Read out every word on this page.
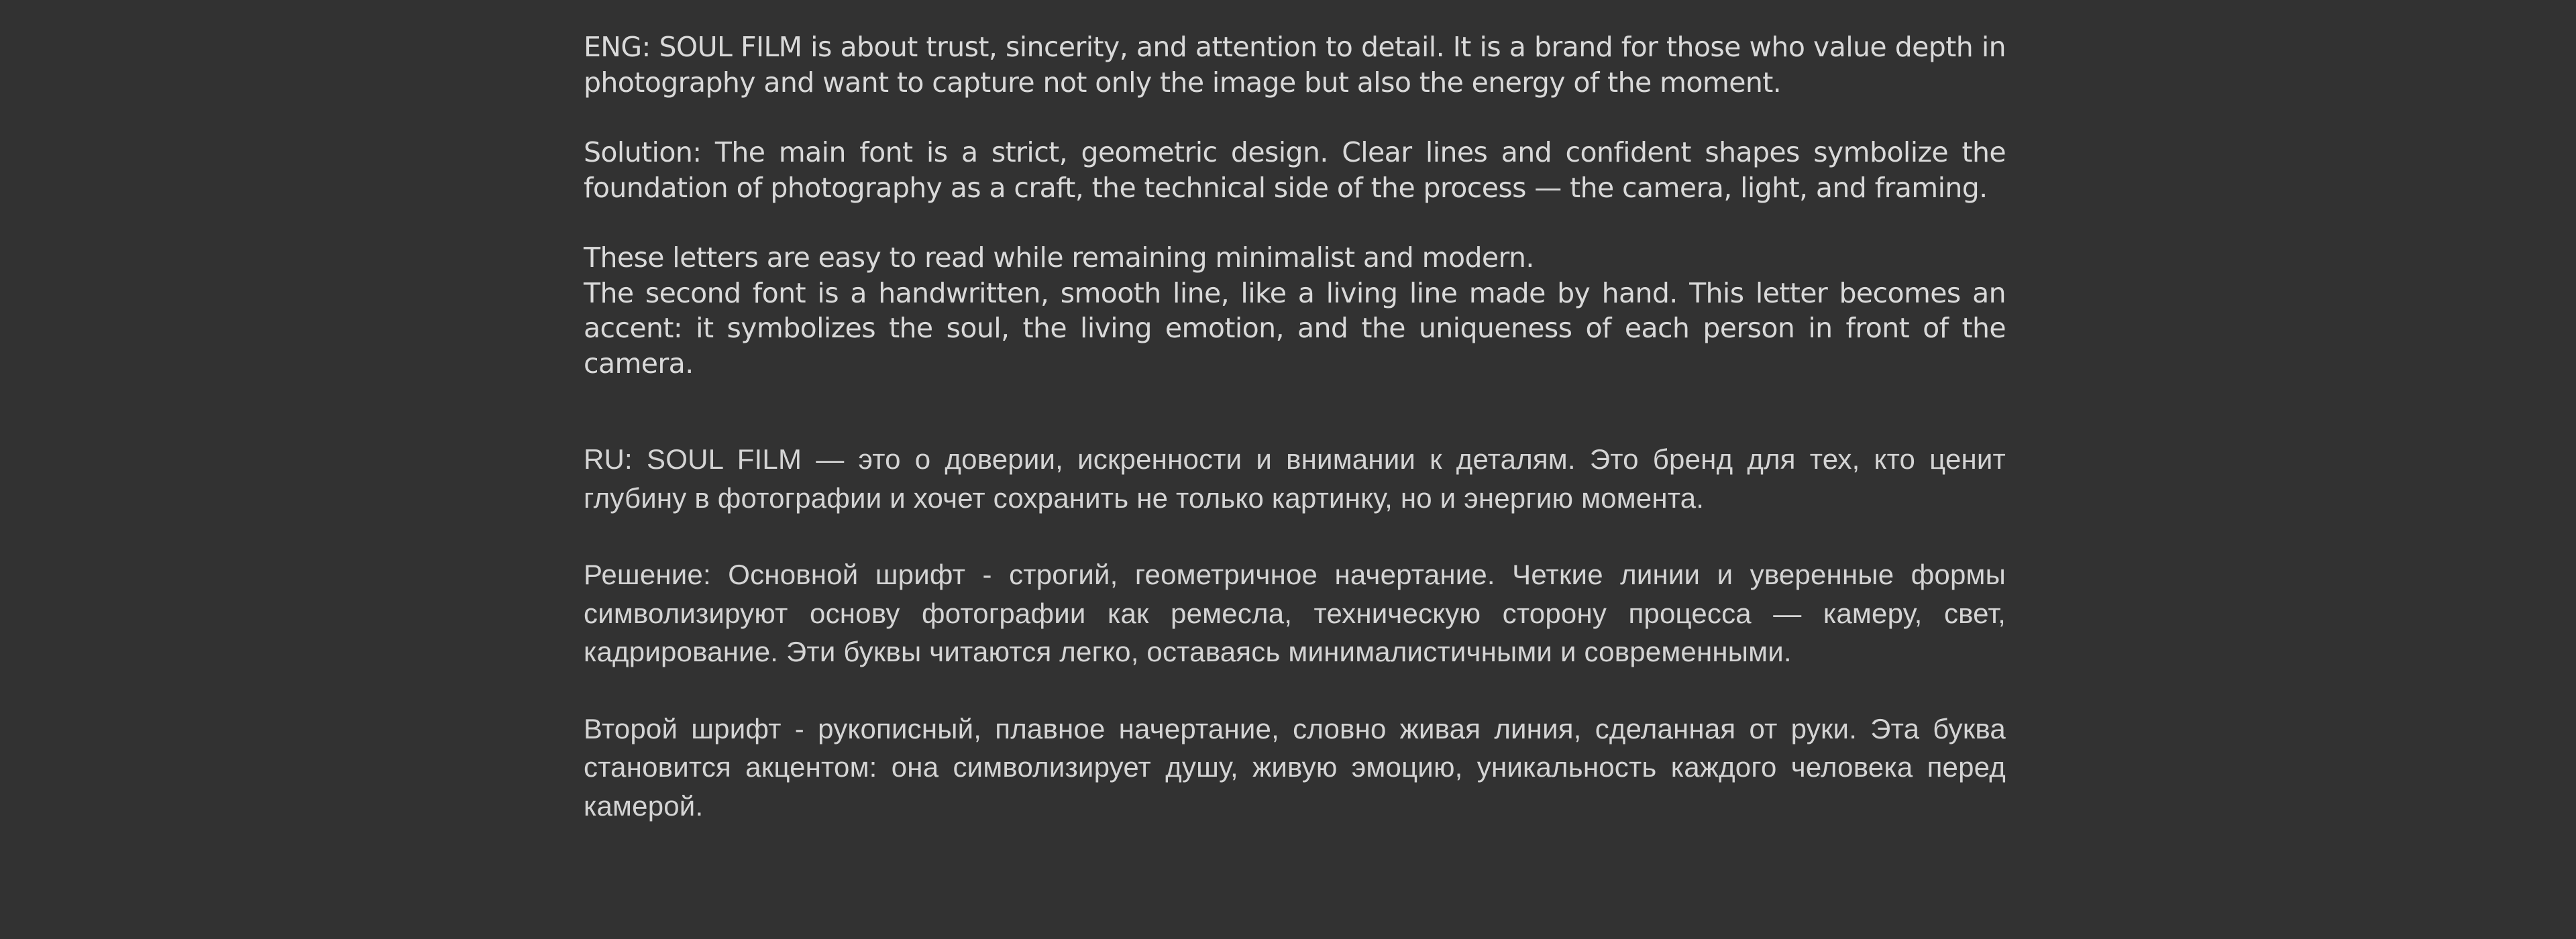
ENG: SOUL FILM is about trust, sincerity, and attention to detail. It is a brand for those who value depth in photography and want to capture not only the image but also the energy of the moment.

Solution: The main font is a strict, geometric design. Clear lines and confident shapes symbolize the foundation of photography as a craft, the technical side of the process — the camera, light, and framing.

These letters are easy to read while remaining minimalist and modern.

The second font is a handwritten, smooth line, like a living line made by hand. This letter becomes an accent: it symbolizes the soul, the living emotion, and the uniqueness of each person in front of the camera.

RU: SOUL FILM — это о доверии, искренности и внимании к деталям. Это бренд для тех, кто ценит глубину в фотографии и хочет сохранить не только картинку, но и энергию момента.

Решение: Основной шрифт - строгий, геометричное начертание. Четкие линии и уверенные формы символизируют основу фотографии как ремесла, техническую сторону процесса — камеру, свет, кадрирование. Эти буквы читаются легко, оставаясь минималистичными и современными.

Второй шрифт - рукописный, плавное начертание, словно живая линия, сделанная от руки. Эта буква становится акцентом: она символизирует душу, живую эмоцию, уникальность каждого человека перед камерой.
